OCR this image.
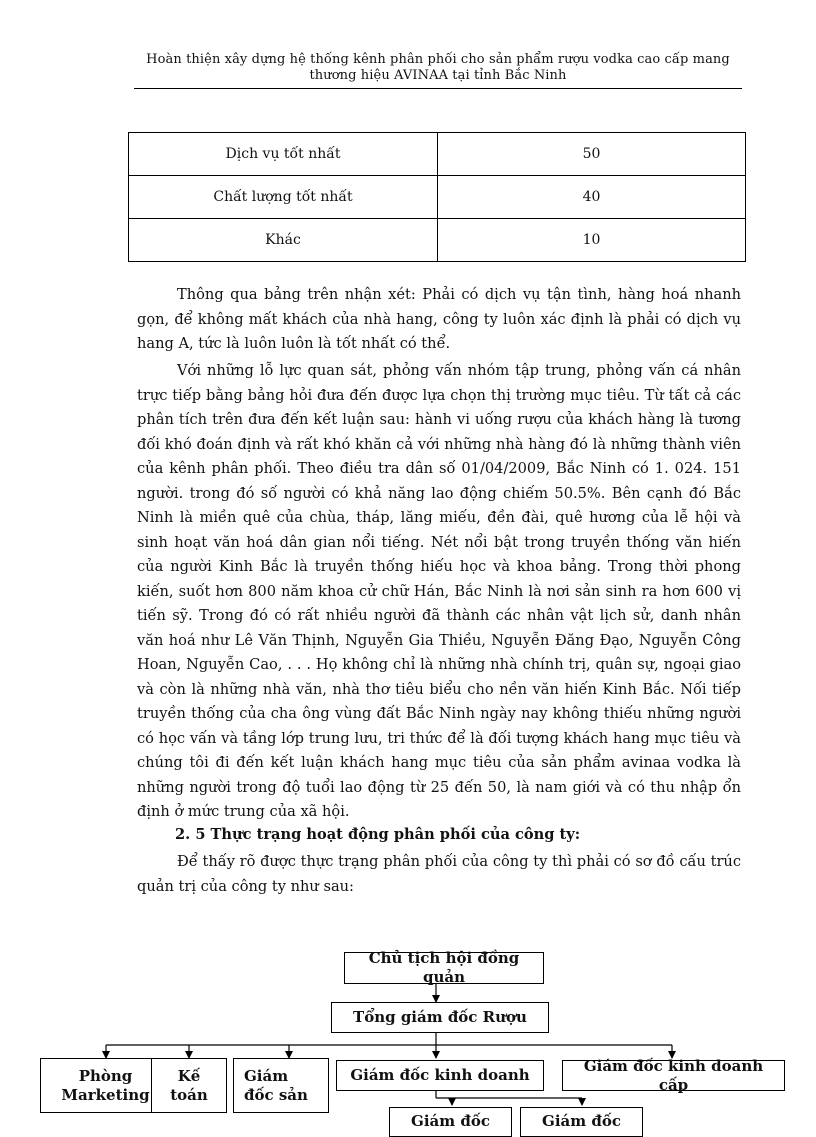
Hoàn thiện xây dựng hệ thống kênh phân phối cho sản phẩm rượu vodka cao cấp mang
thương hiệu AVINAA tại tỉnh Bắc Ninh
Dịch vụ tốt nhất	50
Chất lượng tốt nhất	40
Khác	10

Thông qua bảng trên nhận xét: Phải có dịch vụ tận tình, hàng hoá nhanh gọn, để không mất khách của nhà hang, công ty luôn xác định là phải có dịch vụ hang A, tức là luôn luôn là tốt nhất có thể.

Với những lỗ lực quan sát, phỏng vấn nhóm tập trung, phỏng vấn cá nhân trực tiếp bằng bảng hỏi đưa đến được lựa chọn thị trường mục tiêu. Từ tất cả các phân tích trên đưa đến kết luận sau: hành vi uống rượu của khách hàng là tương đối khó đoán định và rất khó khăn cả với những nhà hàng đó là những thành viên của kênh phân phối. Theo điều tra dân số 01/04/2009, Bắc Ninh có 1. 024. 151 người. trong đó số người có khả năng lao động chiếm 50.5%. Bên cạnh đó Bắc Ninh là miền quê của chùa, tháp, lăng miếu, đền đài, quê hương của lễ hội và sinh hoạt văn hoá dân gian nổi tiếng. Nét nổi bật trong truyền thống văn hiến của người Kinh Bắc là truyền thống hiếu học và khoa bảng. Trong thời phong kiến, suốt hơn 800 năm khoa cử chữ Hán, Bắc Ninh là nơi sản sinh ra hơn 600 vị tiến sỹ. Trong đó có rất nhiều người đã thành các nhân vật lịch sử, danh nhân văn hoá như Lê Văn Thịnh, Nguyễn Gia Thiều, Nguyễn Đăng Đạo, Nguyễn Công Hoan, Nguyễn Cao, . . . Họ không chỉ là những nhà chính trị, quân sự, ngoại giao và còn là những nhà văn, nhà thơ tiêu biểu cho nền văn hiến Kinh Bắc. Nối tiếp truyền thống của cha ông vùng đất Bắc Ninh ngày nay không thiếu những người có học vấn và tầng lớp trung lưu, tri thức để là đối tượng khách hang mục tiêu và chúng tôi đi đến kết luận khách hang mục tiêu của sản phẩm avinaa vodka là những người trong độ tuổi lao động từ 25 đến 50, là nam giới và có thu nhập ổn định ở mức trung của xã hội.

2. 5 Thực trạng hoạt động phân phối của công ty:

Để thấy rõ được thực trạng phân phối của công ty thì phải có sơ đồ cấu trúc quản trị của công ty như sau:

Chủ tịch hội đồng quản
Tổng giám đốc Rượu
Phòng Marketing
Kế toán
Giám đốc sản
Giám đốc kinh doanh
Giám đốc kinh doanh cấp
Giám đốc	Giám đốc
